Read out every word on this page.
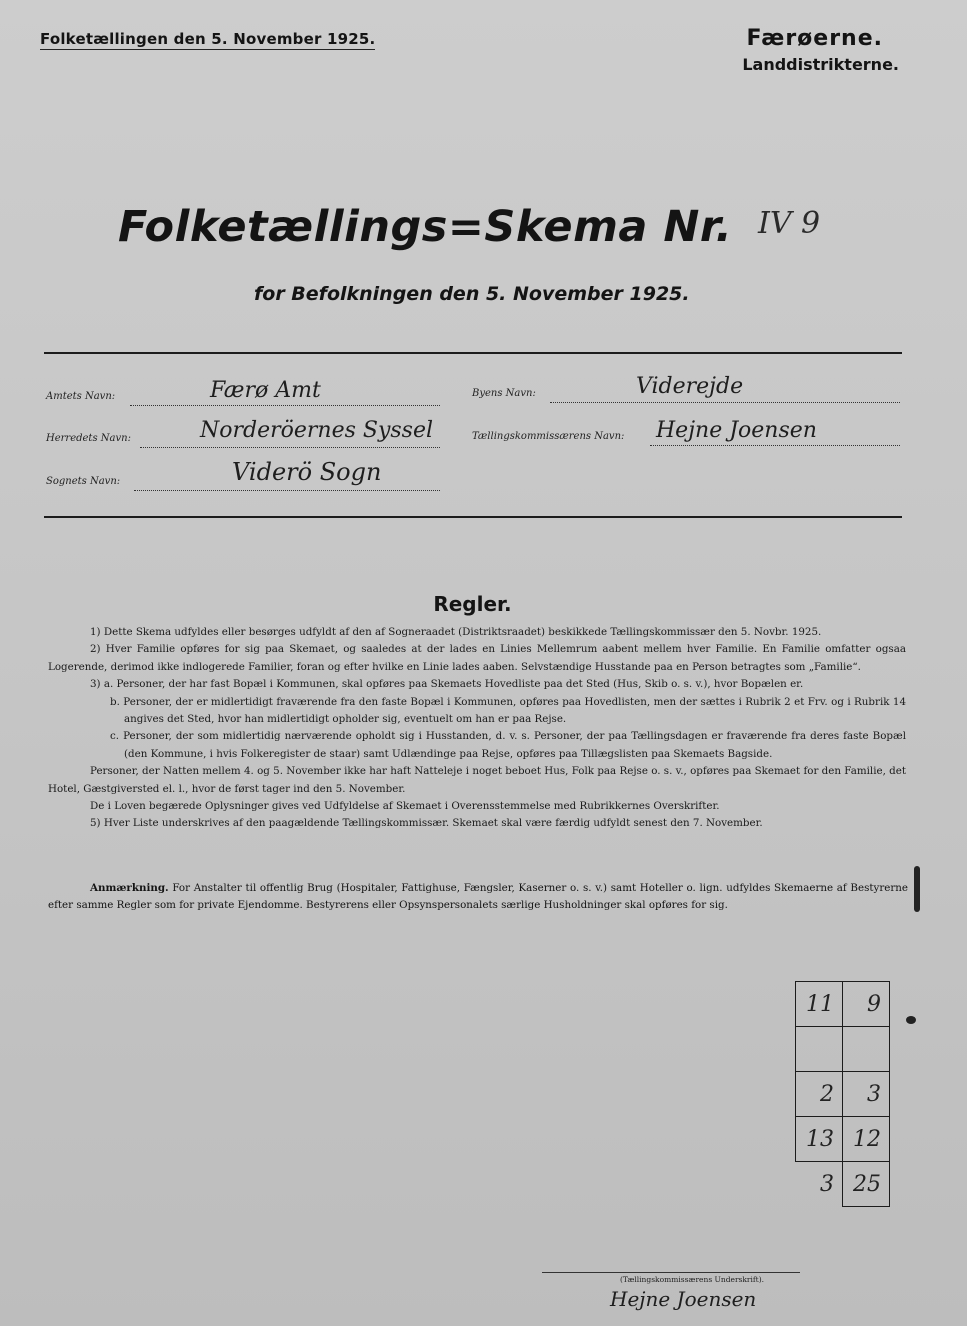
Folketællingen den 5. November 1925.	Færøerne.
Landdistrikterne.
Folketællings=Skema Nr. IV 9
for Befolkningen den 5. November 1925.
Amtets Navn:	Færø Amt
Herredets Navn:	Norderöernes Syssel
Sognets Navn:	Viderö Sogn
Byens Navn:	Viderejde
Tællingskommissærens Navn: Hejne Joensen
Regler.

1) Dette Skema udfyldes eller besørges udfyldt af den af Sogneraadet (Distriktsraadet) beskikkede Tællingskommissær den 5. Novbr. 1925.

2) Hver Familie opføres for sig paa Skemaet, og saaledes at der lades en Linies Mellemrum aabent mellem hver Familie. En Familie omfatter ogsaa Logerende, derimod ikke indlogerede Familier, foran og efter hvilke en Linie lades aaben. Selvstændige Husstande paa en Person betragtes som „Familie“.

3) a. Personer, der har fast Bopæl i Kommunen, skal opføres paa Skemaets Hovedliste paa det Sted (Hus, Skib o. s. v.), hvor Bopælen er.

b. Personer, der er midlertidigt fraværende fra den faste Bopæl i Kommunen, opføres paa Hovedlisten, men der sættes i Rubrik 2 et Frv. og i Rubrik 14 angives det Sted, hvor han midlertidigt opholder sig, eventuelt om han er paa Rejse.

c. Personer, der som midlertidig nærværende opholdt sig i Husstanden, d. v. s. Personer, der paa Tællingsdagen er fraværende fra deres faste Bopæl (den Kommune, i hvis Folkeregister de staar) samt Udlændinge paa Rejse, opføres paa Tillægslisten paa Skemaets Bagside.

Personer, der Natten mellem 4. og 5. November ikke har haft Natteleje i noget beboet Hus, Folk paa Rejse o. s. v., opføres paa Skemaet for den Familie, det Hotel, Gæstgiversted el. l., hvor de først tager ind den 5. November.

De i Loven begærede Oplysninger gives ved Udfyldelse af Skemaet i Overensstemmelse med Rubrikkernes Overskrifter.

5) Hver Liste underskrives af den paagældende Tællingskommissær. Skemaet skal være færdig udfyldt senest den 7. November.

Anmærkning. For Anstalter til offentlig Brug (Hospitaler, Fattighuse, Fængsler, Kaserner o. s. v.) samt Hoteller o. lign. udfyldes Skemaerne af Bestyrerne efter samme Regler som for private Ejendomme. Bestyrerens eller Opsynspersonalets særlige Husholdninger skal opføres for sig.

11	9

2	3
13	12
3	25
(Tællingskommissærens Underskrift).
Hejne Joensen
